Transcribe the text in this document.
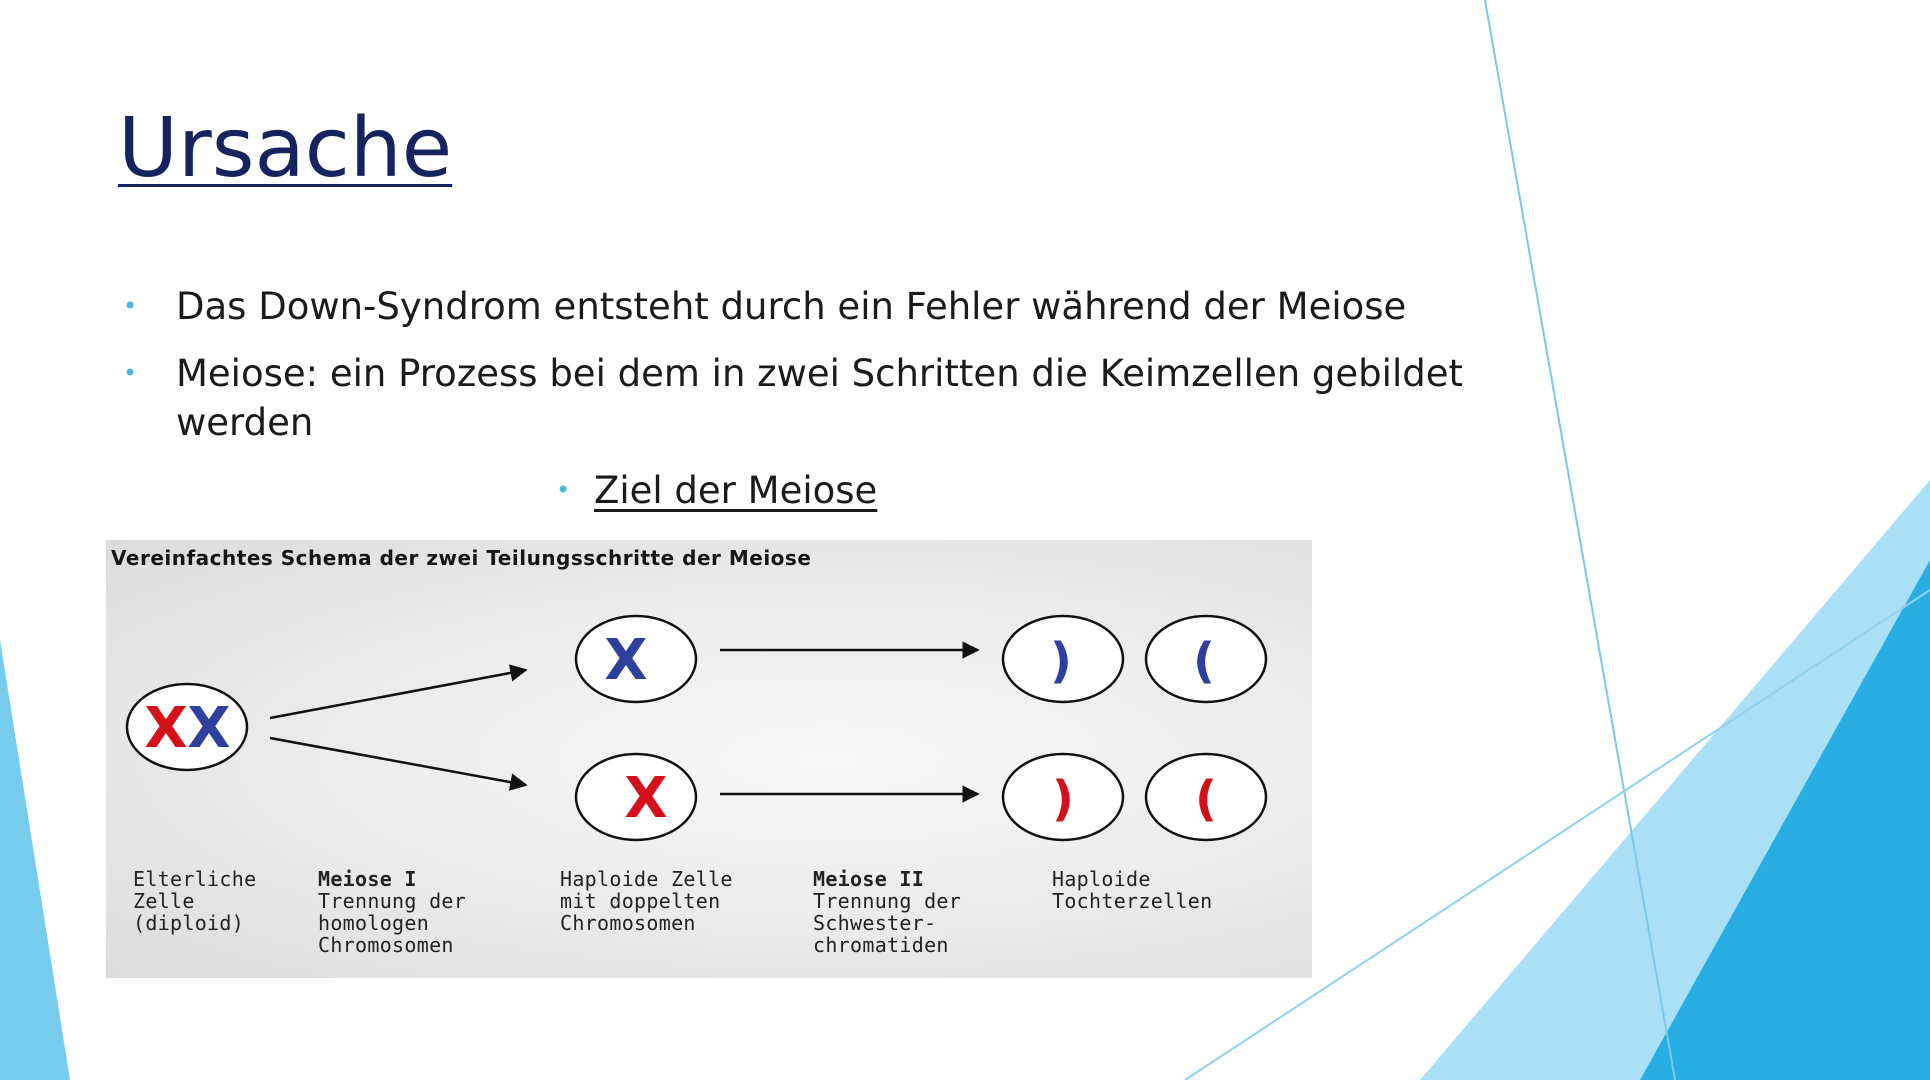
Ursache
• Das Down-Syndrom entsteht durch ein Fehler während der Meiose
• Meiose: ein Prozess bei dem in zwei Schritten die Keimzellen gebildet werden
• Ziel der Meiose
X X
X
X
)	(
)	(
Vereinfachtes Schema der zwei Teilungsschritte der Meiose
Elterliche
Zelle
(diploid)
Meiose I
Trennung der
homologen
Chromosomen
Haploide Zelle
mit doppelten
Chromosomen
Meiose II
Trennung der
Schwester-
chromatiden
Haploide
Tochterzellen
